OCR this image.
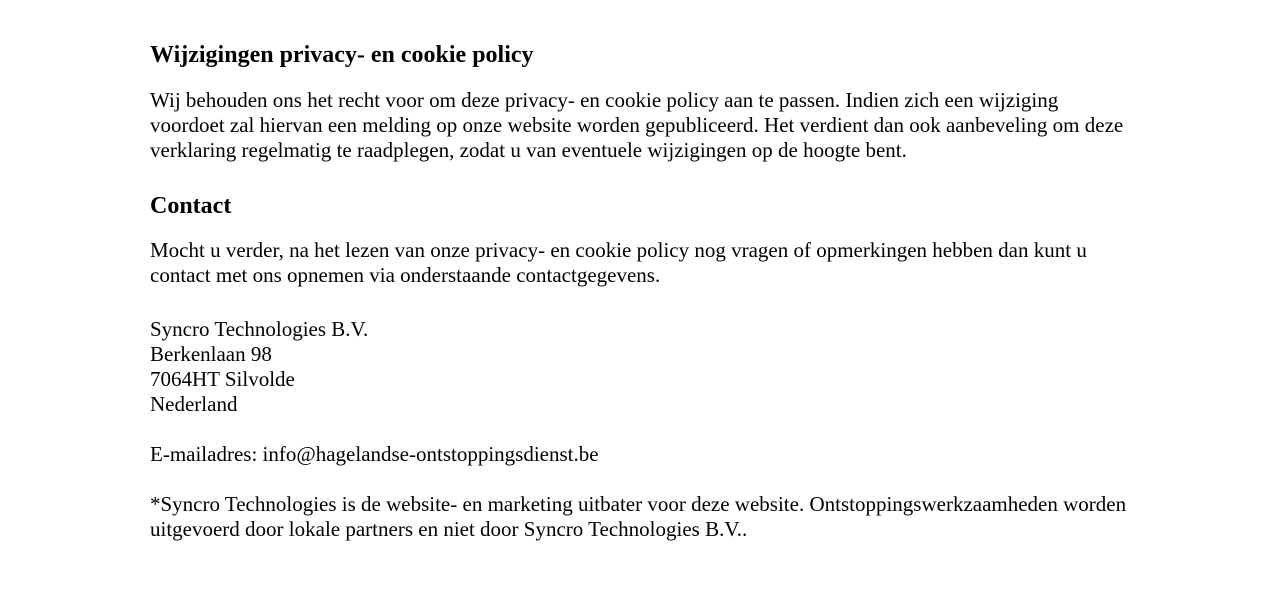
Wijzigingen privacy- en cookie policy

Wij behouden ons het recht voor om deze privacy- en cookie policy aan te passen. Indien zich een wijziging voordoet zal hiervan een melding op onze website worden gepubliceerd. Het verdient dan ook aanbeveling om deze verklaring regelmatig te raadplegen, zodat u van eventuele wijzigingen op de hoogte bent.

Contact

Mocht u verder, na het lezen van onze privacy- en cookie policy nog vragen of opmerkingen hebben dan kunt u contact met ons opnemen via onderstaande contactgegevens.

Syncro Technologies B.V.
Berkenlaan 98
7064HT Silvolde
Nederland

E-mailadres: info@hagelandse-ontstoppingsdienst.be

*Syncro Technologies is de website- en marketing uitbater voor deze website. Ontstoppingswerkzaamheden worden uitgevoerd door lokale partners en niet door Syncro Technologies B.V..
